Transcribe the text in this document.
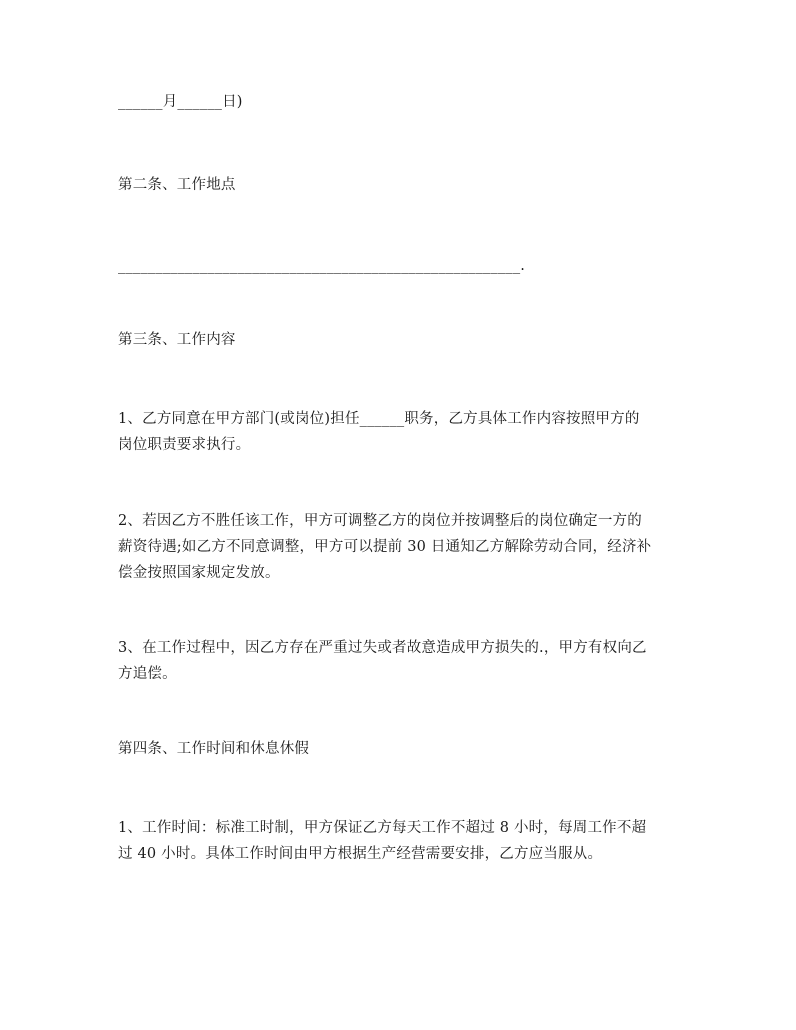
______月______日)
第二条、工作地点
______________________________________________________.
第三条、工作内容
1、乙方同意在甲方部门(或岗位)担任______职务，乙方具体工作内容按照甲方的
岗位职责要求执行。
2、若因乙方不胜任该工作，甲方可调整乙方的岗位并按调整后的岗位确定一方的
薪资待遇;如乙方不同意调整，甲方可以提前 30 日通知乙方解除劳动合同，经济补
偿金按照国家规定发放。
3、在工作过程中，因乙方存在严重过失或者故意造成甲方损失的.，甲方有权向乙
方追偿。
第四条、工作时间和休息休假
1、工作时间：标准工时制，甲方保证乙方每天工作不超过 8 小时，每周工作不超
过 40 小时。具体工作时间由甲方根据生产经营需要安排，乙方应当服从。
